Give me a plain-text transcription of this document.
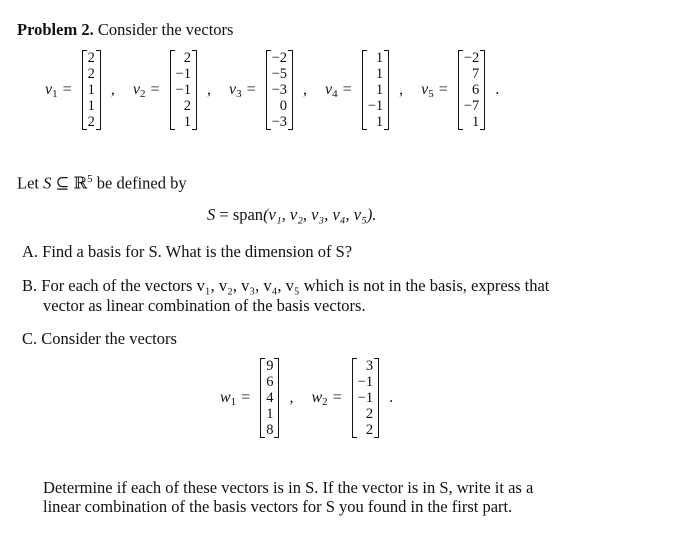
Problem 2. Consider the vectors
$v_1$ =
2
2
1
1
2
, $v_2$ =
2
−1
−1
2
1
, $v_3$ =
−2
−5
−3
0
−3
, $v_4$ =
1
1
1
−1
1
, $v_5$ =
−2
7
6
−7
1
.
Let S ⊆ ℝ$^5$ be defined by
S = span(v₁, v₂, v₃, v₄, v₅).
A. Find a basis for S. What is the dimension of S?
B. For each of the vectors v₁, v₂, v₃, v₄, v₅ which is not in the basis, express that
vector as linear combination of the basis vectors.
C. Consider the vectors
$w_1$ =
9
6
4
1
8
, $w_2$ =
3
−1
−1
2
2
.
Determine if each of these vectors is in S. If the vector is in S, write it as a
linear combination of the basis vectors for S you found in the first part.
